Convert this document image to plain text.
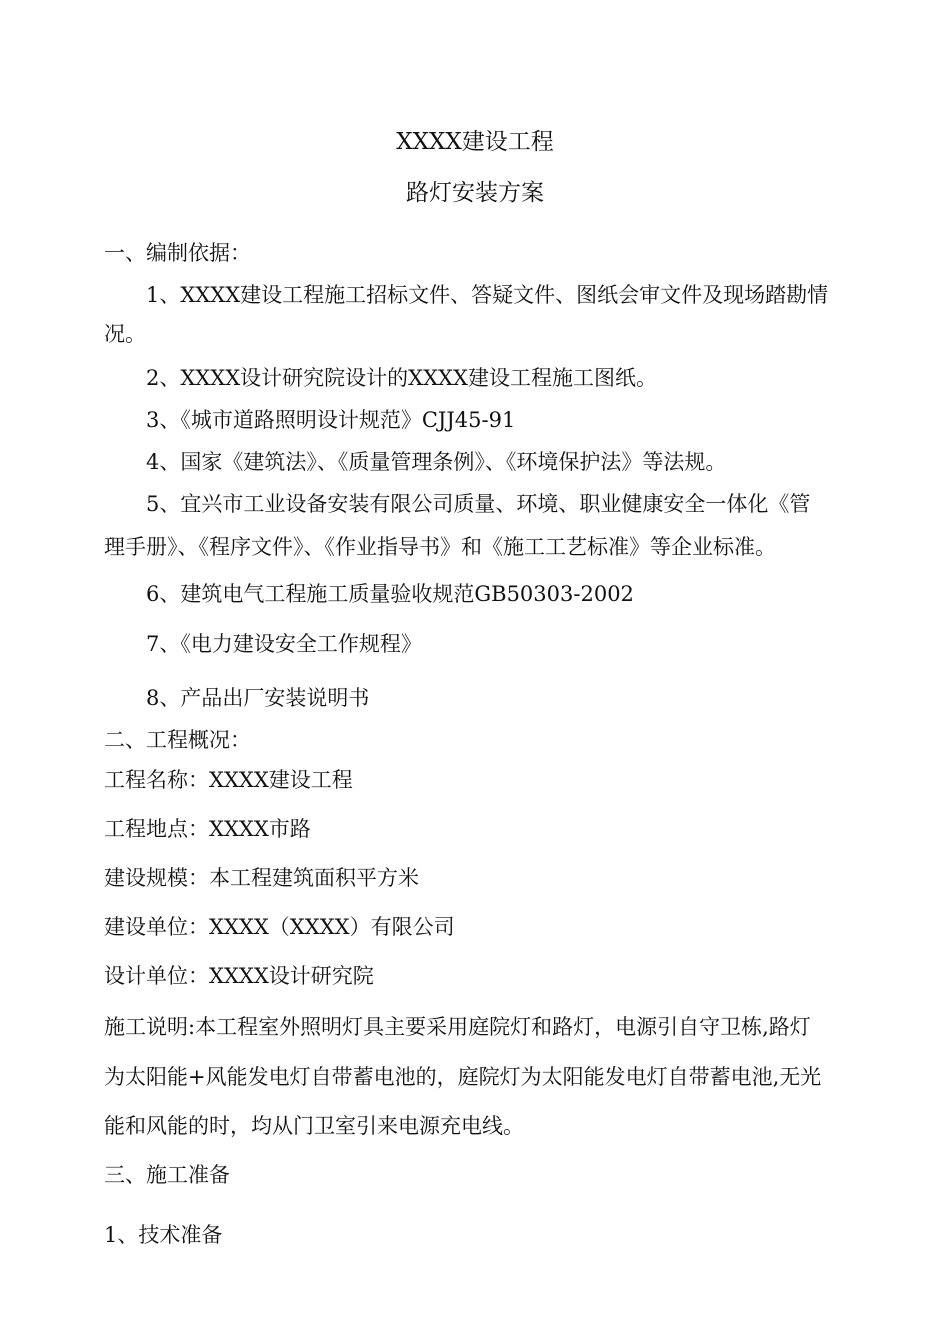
XXXX建设工程
路灯安装方案
一、编制依据：
1、XXXX建设工程施工招标文件、答疑文件、图纸会审文件及现场踏勘情
况。
2、XXXX设计研究院设计的XXXX建设工程施工图纸。
3、《城市道路照明设计规范》CJJ45-91
4、国家《建筑法》、《质量管理条例》、《环境保护法》等法规。
5、宜兴市工业设备安装有限公司质量、环境、职业健康安全一体化《管
理手册》、《程序文件》、《作业指导书》和《施工工艺标准》等企业标准。
6、建筑电气工程施工质量验收规范GB50303-2002
7、《电力建设安全工作规程》
8、产品出厂安装说明书
二、工程概况：
工程名称：XXXX建设工程
工程地点：XXXX市路
建设规模：本工程建筑面积平方米
建设单位：XXXX（XXXX）有限公司
设计单位：XXXX设计研究院
施工说明:本工程室外照明灯具主要采用庭院灯和路灯，电源引自守卫栋,路灯
为太阳能+风能发电灯自带蓄电池的，庭院灯为太阳能发电灯自带蓄电池,无光
能和风能的时，均从门卫室引来电源充电线。
三、施工准备
1、技术准备
